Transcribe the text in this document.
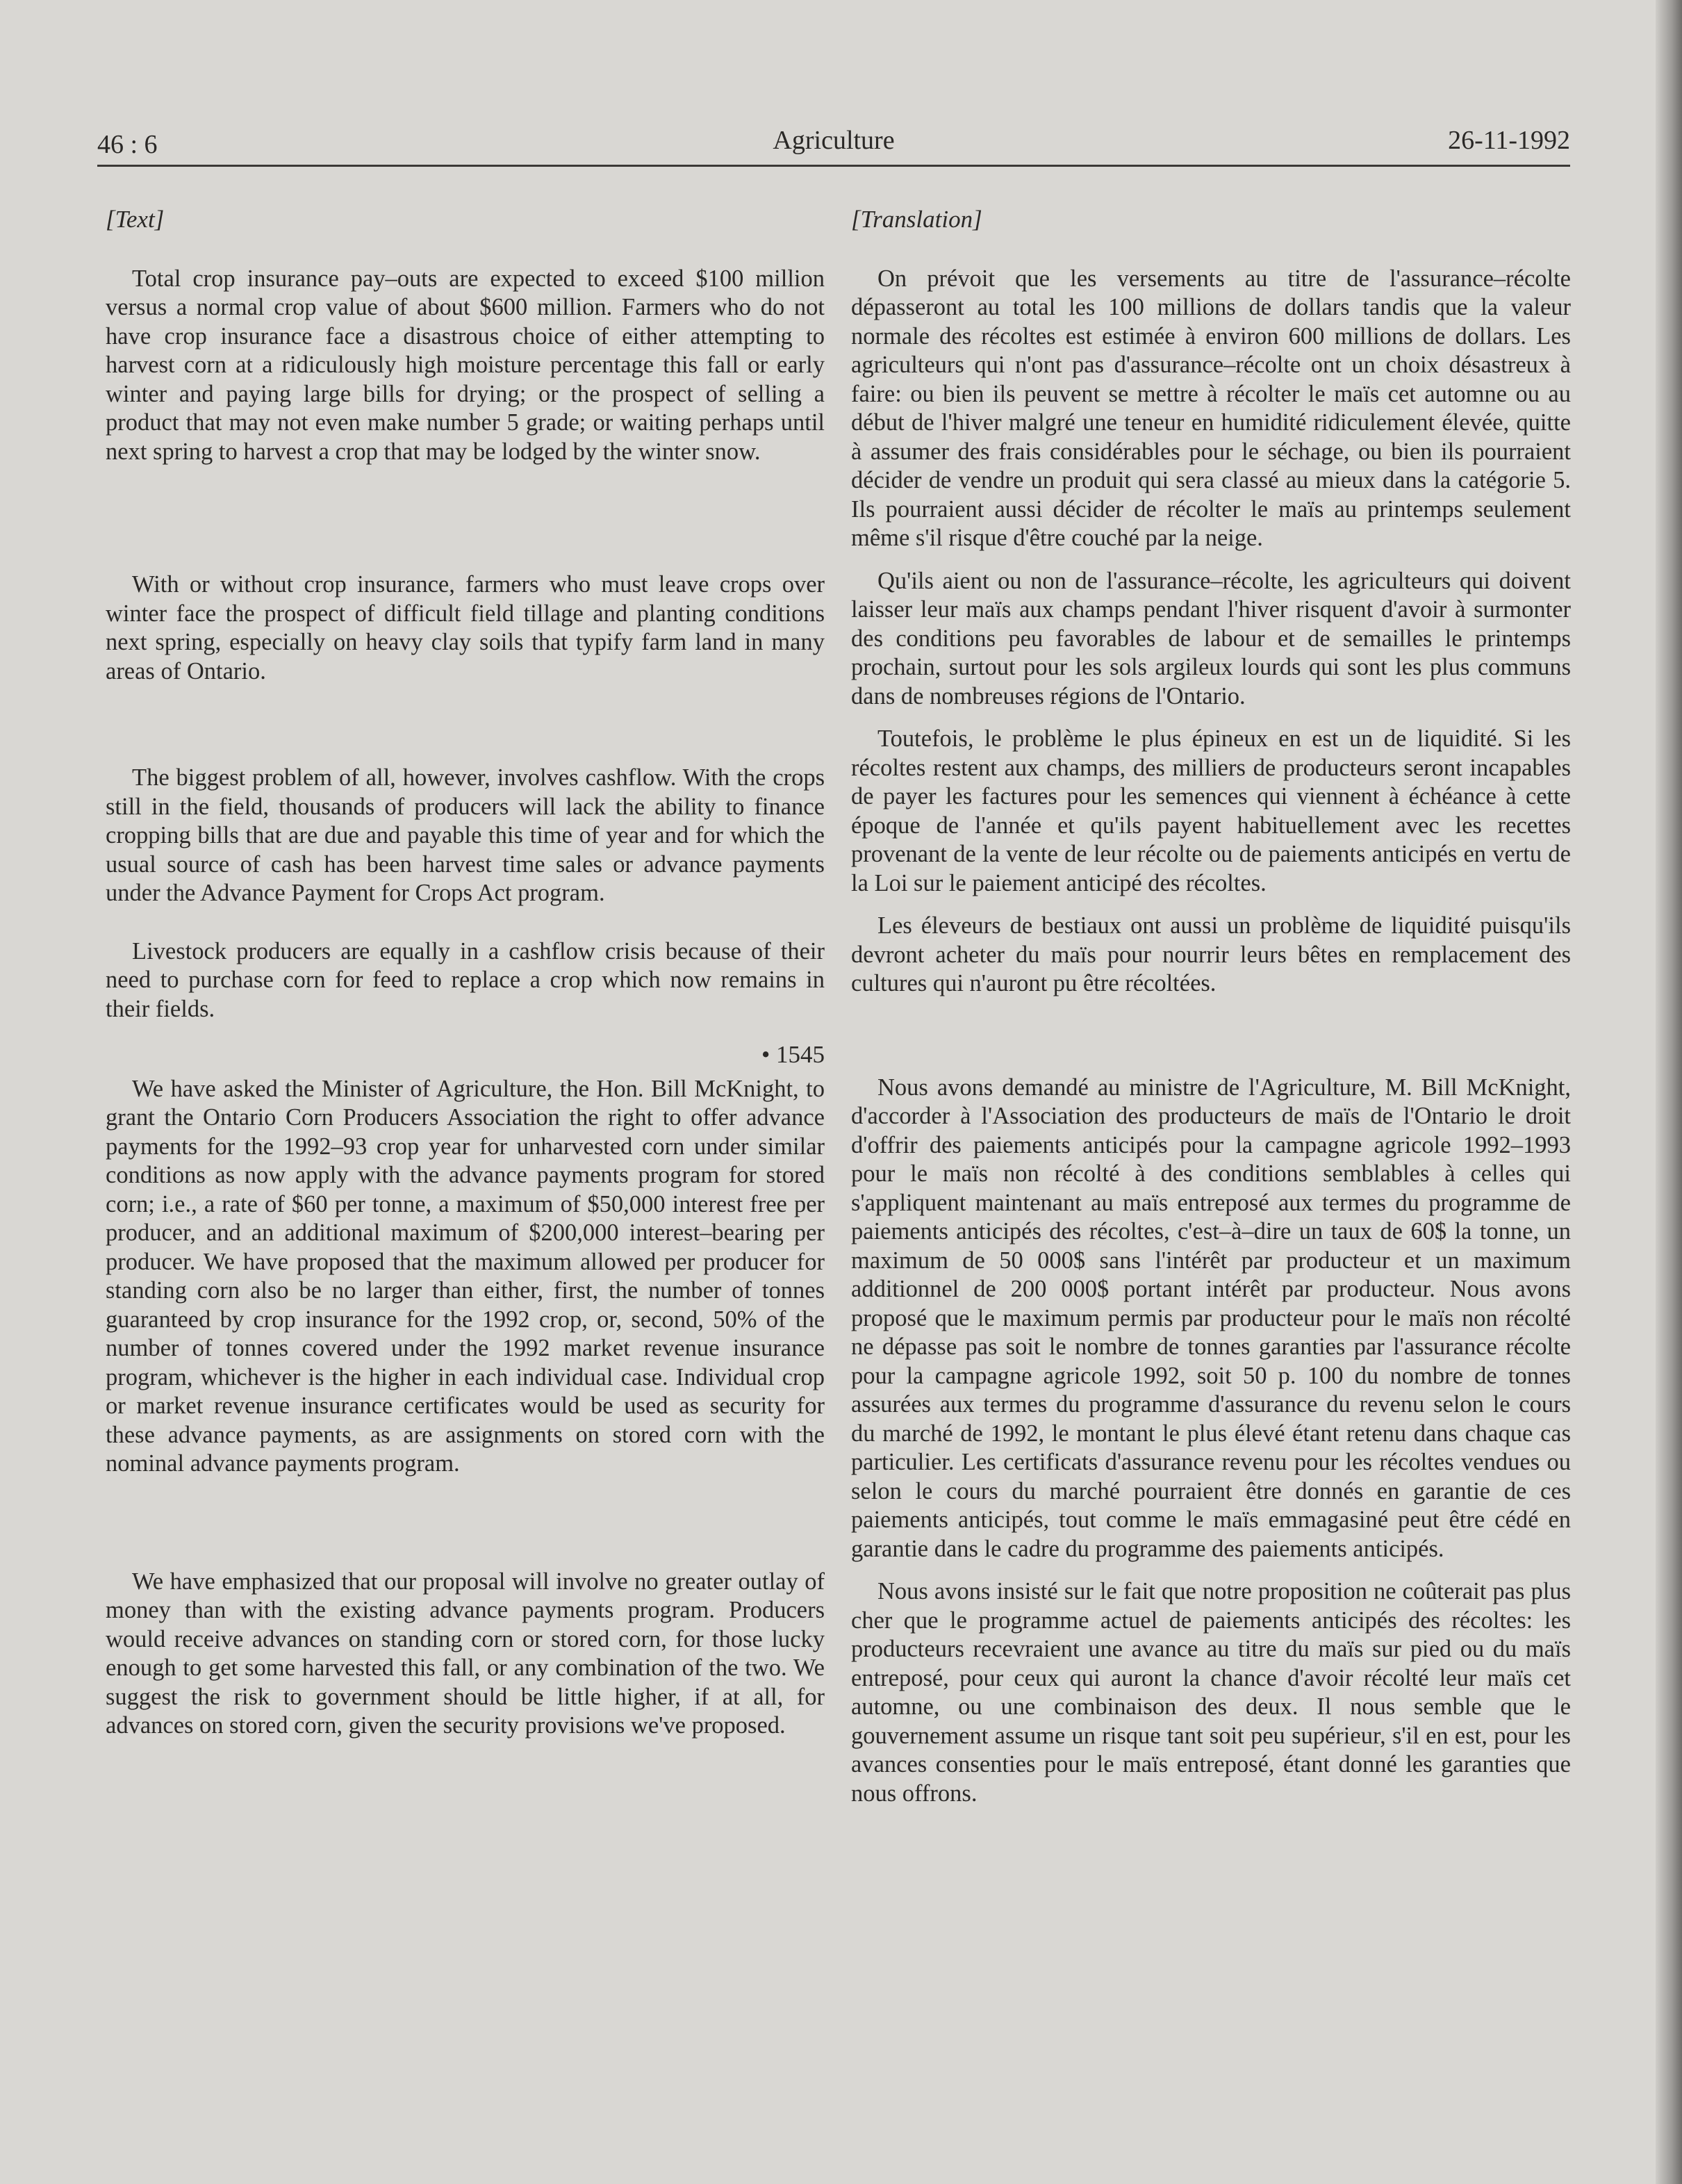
46 : 6	Agriculture	26-11-1992
[Text]

Total crop insurance pay–outs are expected to exceed $100 million versus a normal crop value of about $600 million. Farmers who do not have crop insurance face a disastrous choice of either attempting to harvest corn at a ridiculously high moisture percentage this fall or early winter and paying large bills for drying; or the prospect of selling a product that may not even make number 5 grade; or waiting perhaps until next spring to harvest a crop that may be lodged by the winter snow.

With or without crop insurance, farmers who must leave crops over winter face the prospect of difficult field tillage and planting conditions next spring, especially on heavy clay soils that typify farm land in many areas of Ontario.

The biggest problem of all, however, involves cashflow. With the crops still in the field, thousands of producers will lack the ability to finance cropping bills that are due and payable this time of year and for which the usual source of cash has been harvest time sales or advance payments under the Advance Payment for Crops Act program.

Livestock producers are equally in a cashflow crisis because of their need to purchase corn for feed to replace a crop which now remains in their fields.

• 1545

We have asked the Minister of Agriculture, the Hon. Bill McKnight, to grant the Ontario Corn Producers Association the right to offer advance payments for the 1992–93 crop year for unharvested corn under similar conditions as now apply with the advance payments program for stored corn; i.e., a rate of $60 per tonne, a maximum of $50,000 interest free per producer, and an additional maximum of $200,000 interest–bearing per producer. We have proposed that the maximum allowed per producer for standing corn also be no larger than either, first, the number of tonnes guaranteed by crop insurance for the 1992 crop, or, second, 50% of the number of tonnes covered under the 1992 market revenue insurance program, whichever is the higher in each individual case. Individual crop or market revenue insurance certificates would be used as security for these advance payments, as are assignments on stored corn with the nominal advance payments program.

We have emphasized that our proposal will involve no greater outlay of money than with the existing advance payments program. Producers would receive advances on standing corn or stored corn, for those lucky enough to get some harvested this fall, or any combination of the two. We suggest the risk to government should be little higher, if at all, for advances on stored corn, given the security provisions we've proposed.

[Translation]

On prévoit que les versements au titre de l'assurance–récolte dépasseront au total les 100 millions de dollars tandis que la valeur normale des récoltes est estimée à environ 600 millions de dollars. Les agriculteurs qui n'ont pas d'assurance–récolte ont un choix désastreux à faire: ou bien ils peuvent se mettre à récolter le maïs cet automne ou au début de l'hiver malgré une teneur en humidité ridiculement élevée, quitte à assumer des frais considérables pour le séchage, ou bien ils pourraient décider de vendre un produit qui sera classé au mieux dans la catégorie 5. Ils pourraient aussi décider de récolter le maïs au printemps seulement même s'il risque d'être couché par la neige.

Qu'ils aient ou non de l'assurance–récolte, les agriculteurs qui doivent laisser leur maïs aux champs pendant l'hiver risquent d'avoir à surmonter des conditions peu favorables de labour et de semailles le printemps prochain, surtout pour les sols argileux lourds qui sont les plus communs dans de nombreuses régions de l'Ontario.

Toutefois, le problème le plus épineux en est un de liquidité. Si les récoltes restent aux champs, des milliers de producteurs seront incapables de payer les factures pour les semences qui viennent à échéance à cette époque de l'année et qu'ils payent habituellement avec les recettes provenant de la vente de leur récolte ou de paiements anticipés en vertu de la Loi sur le paiement anticipé des récoltes.

Les éleveurs de bestiaux ont aussi un problème de liquidité puisqu'ils devront acheter du maïs pour nourrir leurs bêtes en remplacement des cultures qui n'auront pu être récoltées.

Nous avons demandé au ministre de l'Agriculture, M. Bill McKnight, d'accorder à l'Association des producteurs de maïs de l'Ontario le droit d'offrir des paiements anticipés pour la campagne agricole 1992–1993 pour le maïs non récolté à des conditions semblables à celles qui s'appliquent maintenant au maïs entreposé aux termes du programme de paiements anticipés des récoltes, c'est–à–dire un taux de 60$ la tonne, un maximum de 50 000$ sans l'intérêt par producteur et un maximum additionnel de 200 000$ portant intérêt par producteur. Nous avons proposé que le maximum permis par producteur pour le maïs non récolté ne dépasse pas soit le nombre de tonnes garanties par l'assurance récolte pour la campagne agricole 1992, soit 50 p. 100 du nombre de tonnes assurées aux termes du programme d'assurance du revenu selon le cours du marché de 1992, le montant le plus élevé étant retenu dans chaque cas particulier. Les certificats d'assurance revenu pour les récoltes vendues ou selon le cours du marché pourraient être donnés en garantie de ces paiements anticipés, tout comme le maïs emmagasiné peut être cédé en garantie dans le cadre du programme des paiements anticipés.

Nous avons insisté sur le fait que notre proposition ne coûterait pas plus cher que le programme actuel de paiements anticipés des récoltes: les producteurs recevraient une avance au titre du maïs sur pied ou du maïs entreposé, pour ceux qui auront la chance d'avoir récolté leur maïs cet automne, ou une combinaison des deux. Il nous semble que le gouvernement assume un risque tant soit peu supérieur, s'il en est, pour les avances consenties pour le maïs entreposé, étant donné les garanties que nous offrons.
